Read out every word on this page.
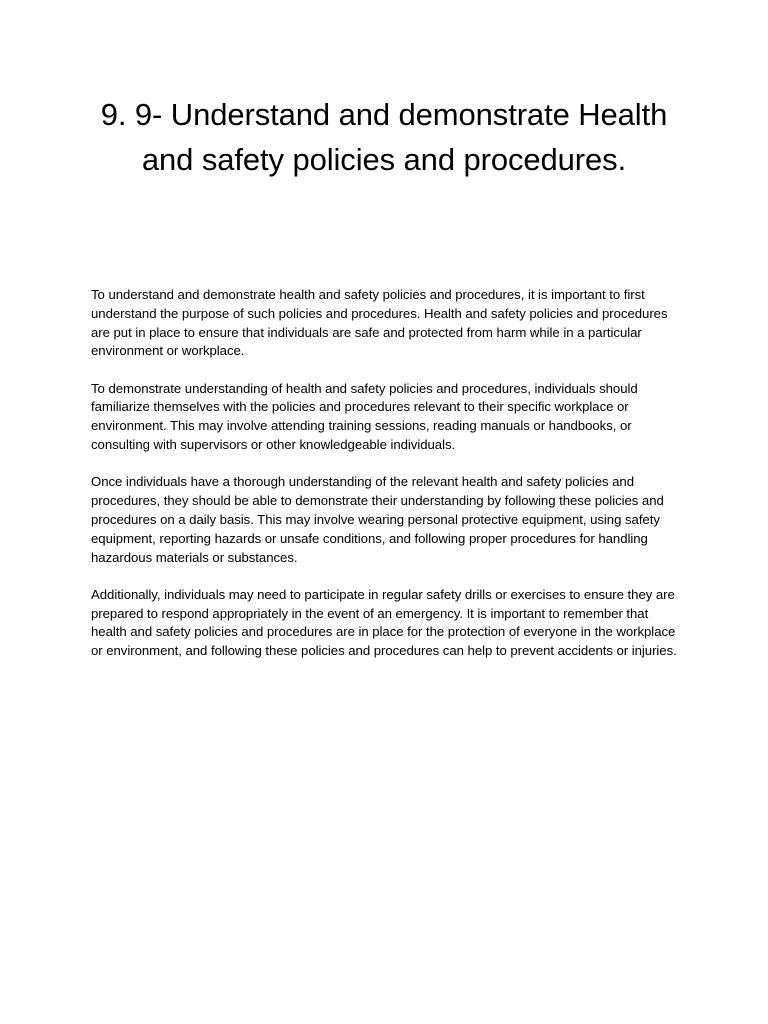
9. 9- Understand and demonstrate Health and safety policies and procedures.

To understand and demonstrate health and safety policies and procedures, it is important to first understand the purpose of such policies and procedures. Health and safety policies and procedures are put in place to ensure that individuals are safe and protected from harm while in a particular environment or workplace.

To demonstrate understanding of health and safety policies and procedures, individuals should familiarize themselves with the policies and procedures relevant to their specific workplace or environment. This may involve attending training sessions, reading manuals or handbooks, or consulting with supervisors or other knowledgeable individuals.

Once individuals have a thorough understanding of the relevant health and safety policies and procedures, they should be able to demonstrate their understanding by following these policies and procedures on a daily basis. This may involve wearing personal protective equipment, using safety equipment, reporting hazards or unsafe conditions, and following proper procedures for handling hazardous materials or substances.

Additionally, individuals may need to participate in regular safety drills or exercises to ensure they are prepared to respond appropriately in the event of an emergency. It is important to remember that health and safety policies and procedures are in place for the protection of everyone in the workplace or environment, and following these policies and procedures can help to prevent accidents or injuries.
